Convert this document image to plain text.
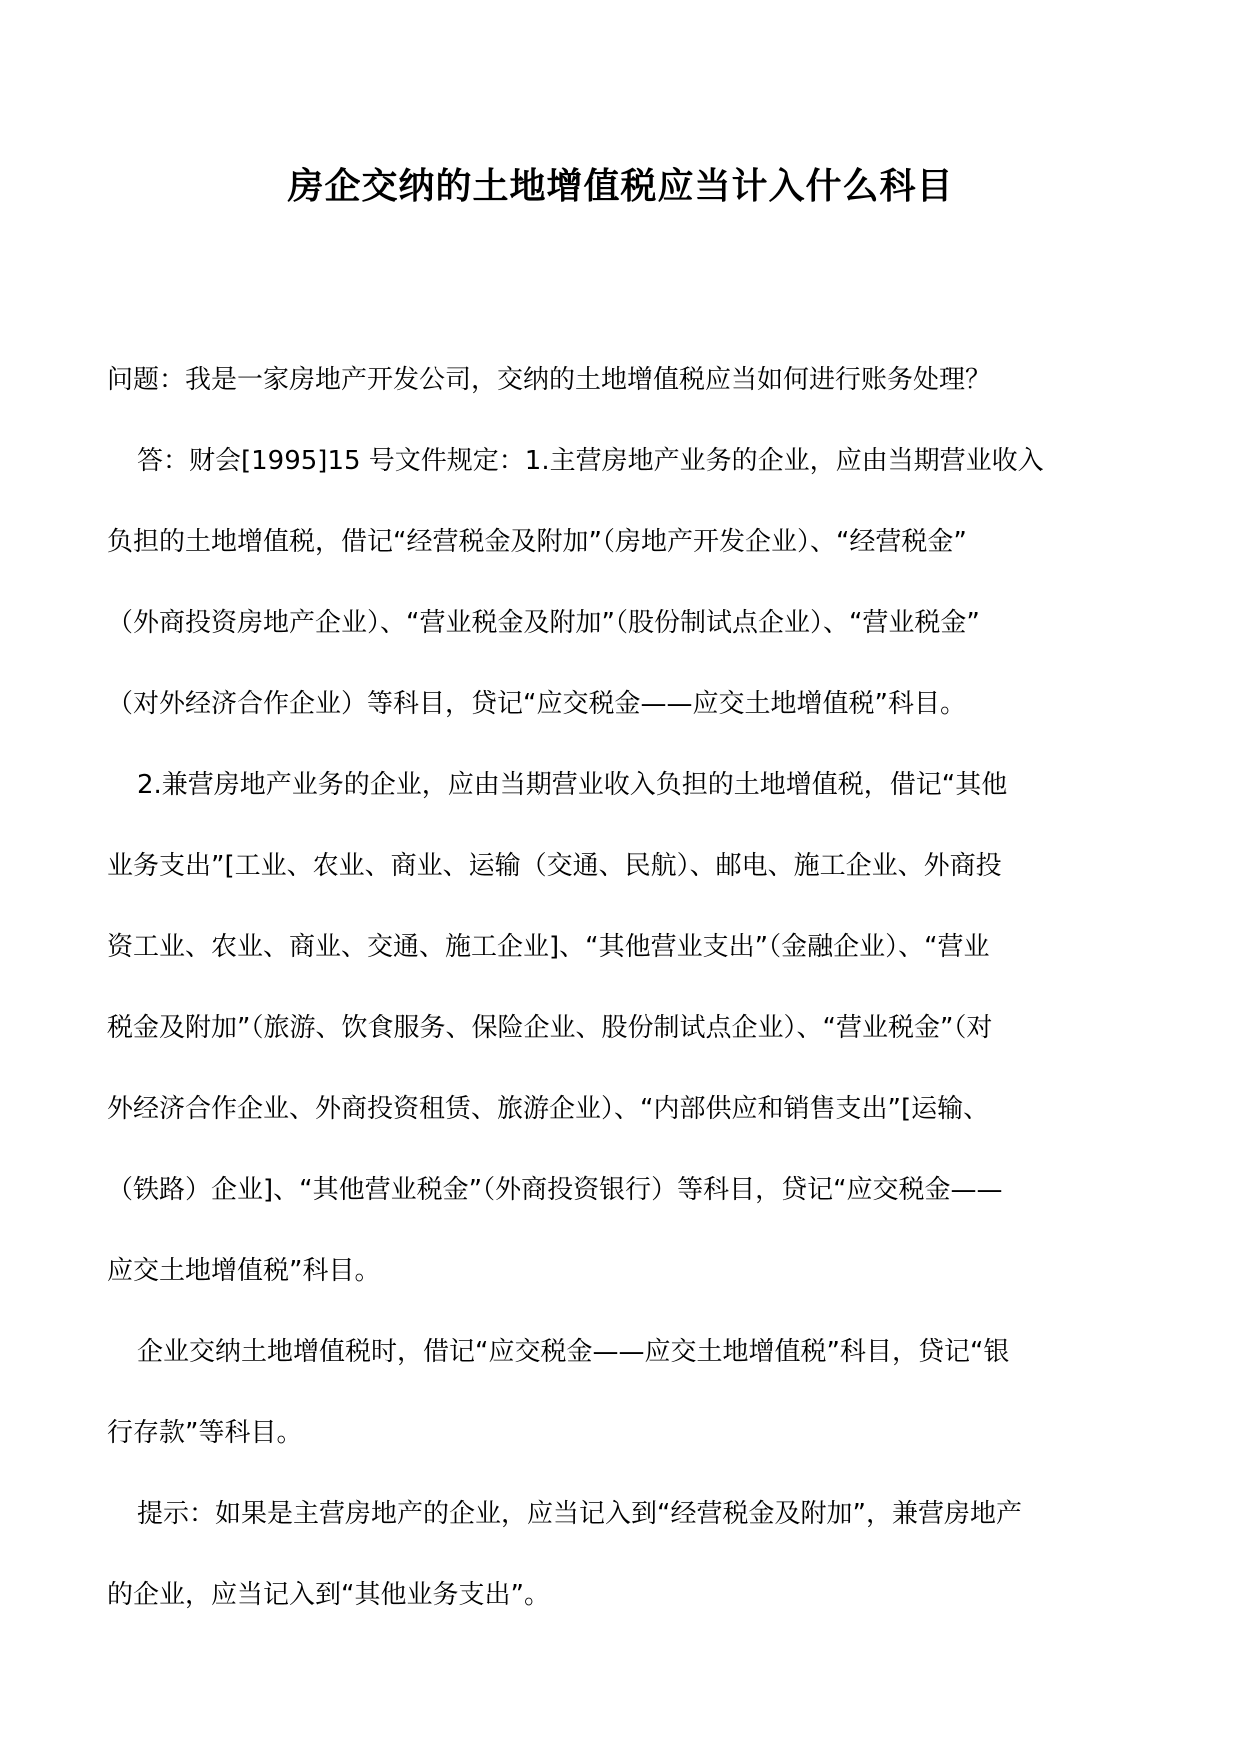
房企交纳的土地增值税应当计入什么科目
问题：我是一家房地产开发公司，交纳的土地增值税应当如何进行账务处理？
答：财会[1995]15 号文件规定：1.主营房地产业务的企业，应由当期营业收入
负担的土地增值税，借记“经营税金及附加”（房地产开发企业）、“经营税金”
（外商投资房地产企业）、“营业税金及附加”（股份制试点企业）、“营业税金”
（对外经济合作企业）等科目，贷记“应交税金——应交土地增值税”科目。
2.兼营房地产业务的企业，应由当期营业收入负担的土地增值税，借记“其他
业务支出”[工业、农业、商业、运输（交通、民航）、邮电、施工企业、外商投
资工业、农业、商业、交通、施工企业]、“其他营业支出”（金融企业）、“营业
税金及附加”（旅游、饮食服务、保险企业、股份制试点企业）、“营业税金”（对
外经济合作企业、外商投资租赁、旅游企业）、“内部供应和销售支出”[运输、
（铁路）企业]、“其他营业税金”（外商投资银行）等科目，贷记“应交税金——
应交土地增值税”科目。
企业交纳土地增值税时，借记“应交税金——应交土地增值税”科目，贷记“银
行存款”等科目。
提示：如果是主营房地产的企业，应当记入到“经营税金及附加”，兼营房地产
的企业，应当记入到“其他业务支出”。
